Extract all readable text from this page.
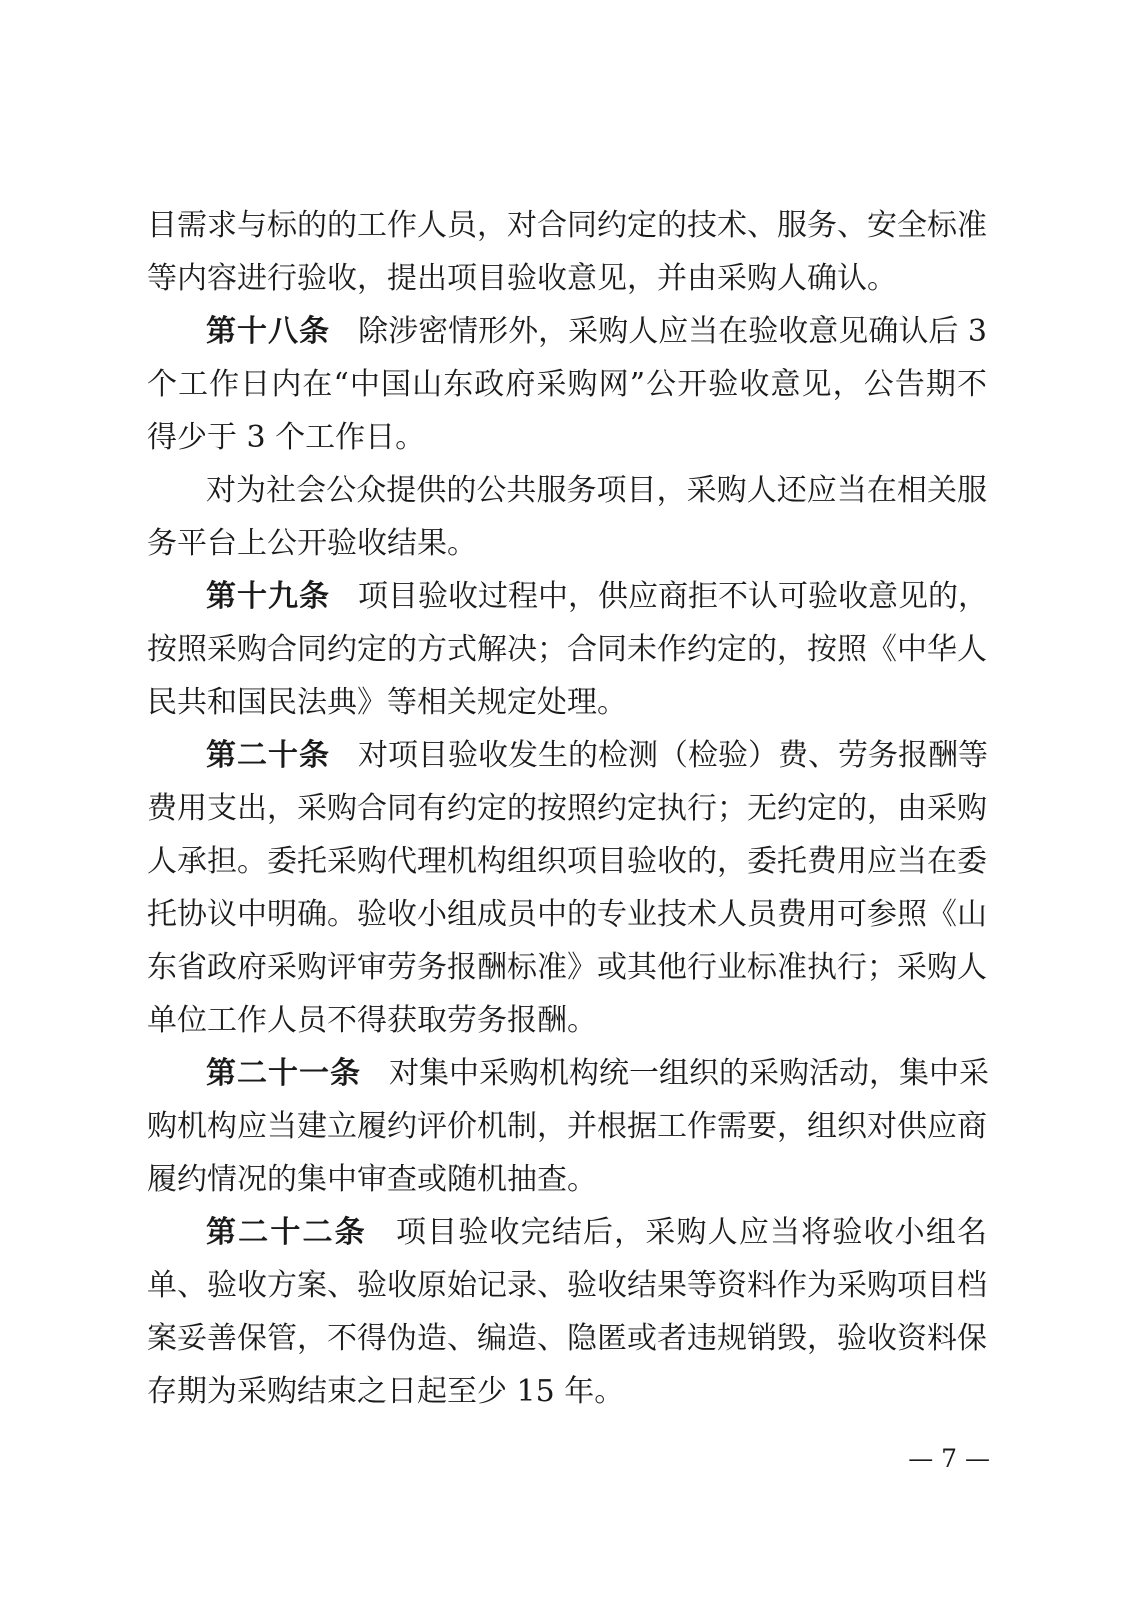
目需求与标的的工作人员，对合同约定的技术、服务、安全标准
等内容进行验收，提出项目验收意见，并由采购人确认。
第十八条 除涉密情形外，采购人应当在验收意见确认后 3
个工作日内在“中国山东政府采购网”公开验收意见，公告期不
得少于 3 个工作日。
对为社会公众提供的公共服务项目，采购人还应当在相关服
务平台上公开验收结果。
第十九条 项目验收过程中，供应商拒不认可验收意见的，
按照采购合同约定的方式解决；合同未作约定的，按照《中华人
民共和国民法典》等相关规定处理。
第二十条 对项目验收发生的检测（检验）费、劳务报酬等
费用支出，采购合同有约定的按照约定执行；无约定的，由采购
人承担。委托采购代理机构组织项目验收的，委托费用应当在委
托协议中明确。验收小组成员中的专业技术人员费用可参照《山
东省政府采购评审劳务报酬标准》或其他行业标准执行；采购人
单位工作人员不得获取劳务报酬。
第二十一条 对集中采购机构统一组织的采购活动，集中采
购机构应当建立履约评价机制，并根据工作需要，组织对供应商
履约情况的集中审查或随机抽查。
第二十二条 项目验收完结后，采购人应当将验收小组名
单、验收方案、验收原始记录、验收结果等资料作为采购项目档
案妥善保管，不得伪造、编造、隐匿或者违规销毁，验收资料保
存期为采购结束之日起至少 15 年。
— 7 —
